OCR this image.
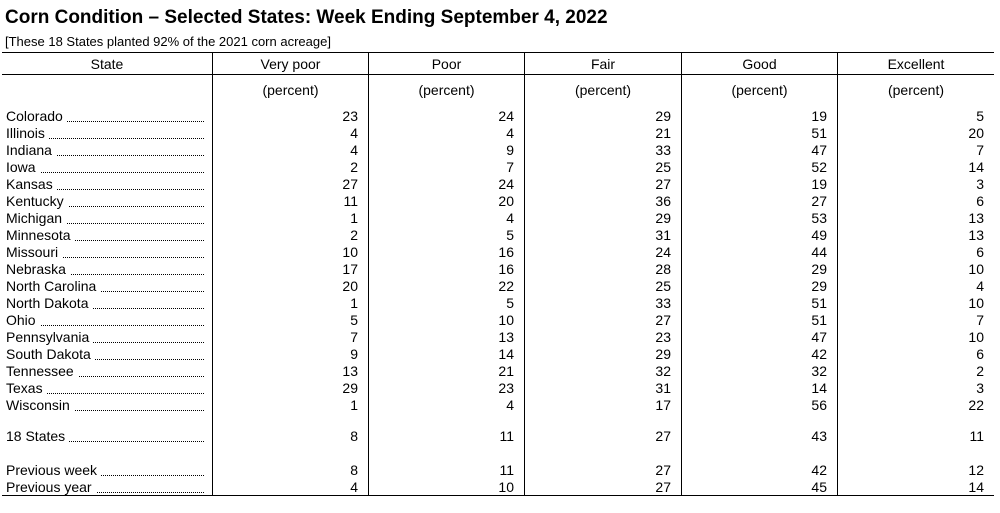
Corn Condition – Selected States: Week Ending September 4, 2022
[These 18 States planted 92% of the 2021 corn acreage]
State	Very poor	Poor	Fair	Good	Excellent
(percent)	(percent)	(percent)	(percent)	(percent)
Colorado	23	24	29	19	5
Illinois	4	4	21	51	20
Indiana	4	9	33	47	7
Iowa	2	7	25	52	14
Kansas	27	24	27	19	3
Kentucky	11	20	36	27	6
Michigan	1	4	29	53	13
Minnesota	2	5	31	49	13
Missouri	10	16	24	44	6
Nebraska	17	16	28	29	10
North Carolina	20	22	25	29	4
North Dakota	1	5	33	51	10
Ohio	5	10	27	51	7
Pennsylvania	7	13	23	47	10
South Dakota	9	14	29	42	6
Tennessee	13	21	32	32	2
Texas	29	23	31	14	3
Wisconsin	1	4	17	56	22
18 States	8	11	27	43	11
Previous week	8	11	27	42	12
Previous year	4	10	27	45	14
